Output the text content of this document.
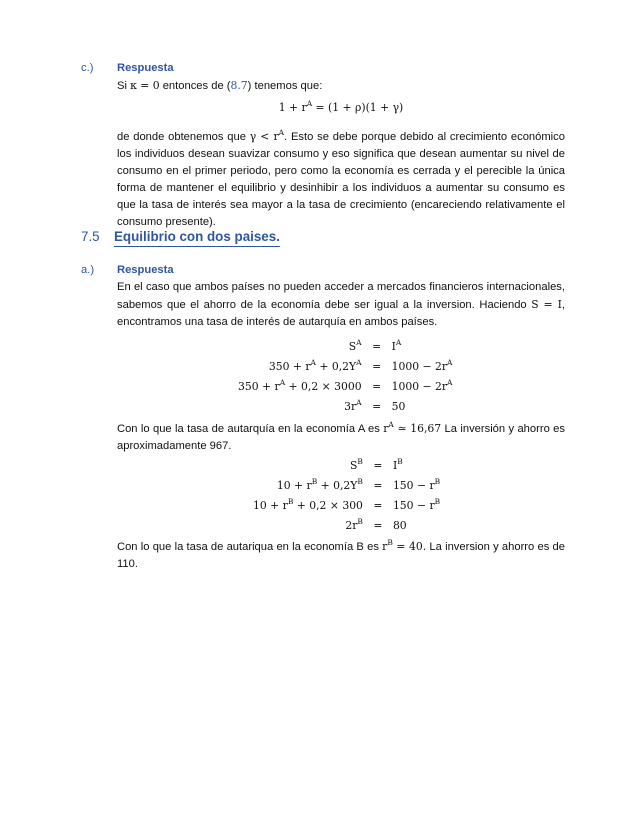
c.) Respuesta
Si κ = 0 entonces de (8.7) tenemos que:
$1 + r^A = (1 + \rho)(1 + \gamma)$

de donde obtenemos que $\gamma < r^A$. Esto se debe porque debido al crecimiento económico los individuos desean suavizar consumo y eso significa que desean aumentar su nivel de consumo en el primer periodo, pero como la economía es cerrada y el perecible la única forma de mantener el equilibrio y desinhibir a los individuos a aumentar su consumo es que la tasa de interés sea mayor a la tasa de crecimiento (encareciendo relativamente el consumo presente).

7.5 Equilibrio con dos paises.
a.) Respuesta

En el caso que ambos países no pueden acceder a mercados financieros internacionales, sabemos que el ahorro de la economía debe ser igual a la inversion. Haciendo S = I, encontramos una tasa de interés de autarquía en ambos países.

$S^A$	=	$I^A$
$350 + r^A + 0,2Y^A$	=	$1000 - 2r^A$
$350 + r^A + 0,2 \times 3000$	=	$1000 - 2r^A$
$3r^A$	=	50

Con lo que la tasa de autarquía en la economía A es $r^A$ ≃ 16,67 La inversión y ahorro es aproximadamente 967.

$S^B$	=	$I^B$
$10 + r^B + 0,2Y^B$	=	$150 - r^B$
$10 + r^B + 0,2 \times 300$	=	$150 - r^B$
$2r^B$	=	80

Con lo que la tasa de autariqua en la economía B es $r^B = 40$. La inversion y ahorro es de 110.
